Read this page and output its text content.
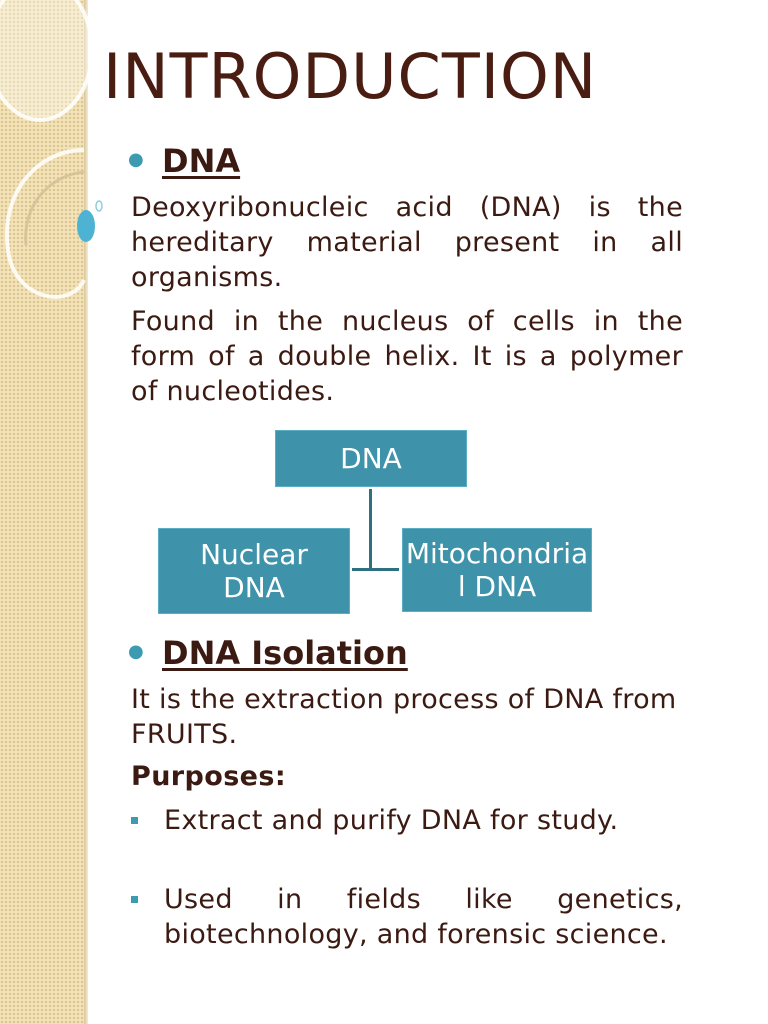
INTRODUCTION
● DNA

Deoxyribonucleic acid (DNA) is the hereditary material present in all organisms.

Found in the nucleus of cells in the form of a double helix. It is a polymer of nucleotides.

DNA
Nuclear DNA
Mitochondrial DNA
● DNA Isolation

It is the extraction process of DNA from FRUITS.

Purposes:

Extract and purify DNA for study.
Used in fields like genetics, biotechnology, and forensic science.
